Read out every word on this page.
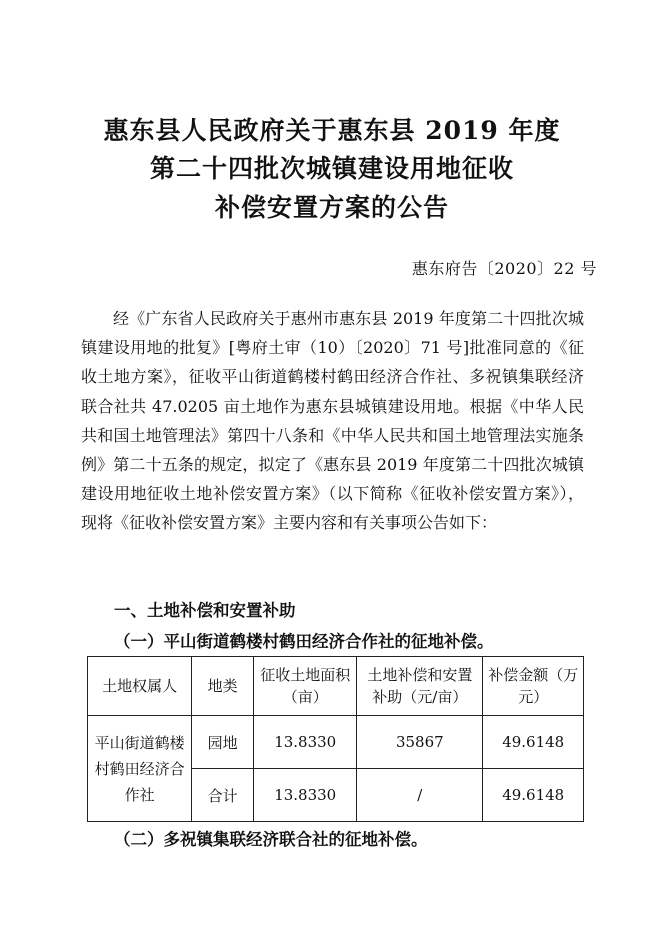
惠东县人民政府关于惠东县 2019 年度
第二十四批次城镇建设用地征收
补偿安置方案的公告
惠东府告〔2020〕22 号
经《广东省人民政府关于惠州市惠东县 2019 年度第二十四批次城镇建设用地的批复》[粤府土审（10）〔2020〕71 号]批准同意的《征收土地方案》，征收平山街道鹤楼村鹤田经济合作社、多祝镇集联经济联合社共 47.0205 亩土地作为惠东县城镇建设用地。根据《中华人民共和国土地管理法》第四十八条和《中华人民共和国土地管理法实施条例》第二十五条的规定，拟定了《惠东县 2019 年度第二十四批次城镇建设用地征收土地补偿安置方案》（以下简称《征收补偿安置方案》），现将《征收补偿安置方案》主要内容和有关事项公告如下：
一、土地补偿和安置补助
（一）平山街道鹤楼村鹤田经济合作社的征地补偿。
土地权属人	地类	征收土地面积（亩）	土地补偿和安置补助（元/亩）	补偿金额（万元）
平山街道鹤楼村鹤田经济合作社	园地	13.8330	35867	49.6148
	合计	13.8330	/	49.6148
（二）多祝镇集联经济联合社的征地补偿。
